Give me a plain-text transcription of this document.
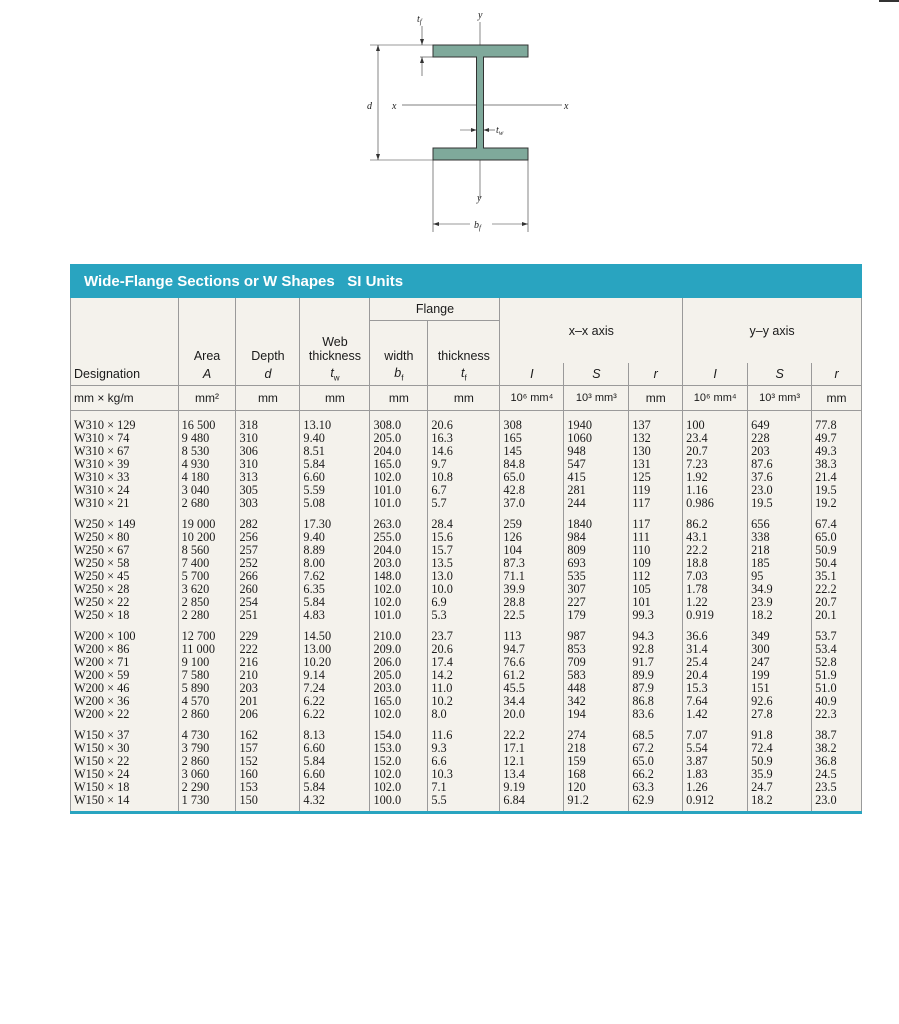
$t_f$
y
d x	x
$t_w$
y
$b_f$
Wide-Flange Sections or W Shapes   SI Units
				Flange		x–x axis			y–y axis		
	Area	Depth	Web
thickness	width	thickness						
Designation	A	d	$t_w$	$b_f$	$t_f$	I	S	r	I	S	r
mm × kg/m	mm²	mm	mm	mm	mm	10⁶ mm⁴	10³ mm³	mm	10⁶ mm⁴	10³ mm³	mm
W310 × 129	16 500	318	13.10	308.0	20.6	308	1940	137	100	649	77.8
W310 × 74	9 480	310	9.40	205.0	16.3	165	1060	132	23.4	228	49.7
W310 × 67	8 530	306	8.51	204.0	14.6	145	948	130	20.7	203	49.3
W310 × 39	4 930	310	5.84	165.0	9.7	84.8	547	131	7.23	87.6	38.3
W310 × 33	4 180	313	6.60	102.0	10.8	65.0	415	125	1.92	37.6	21.4
W310 × 24	3 040	305	5.59	101.0	6.7	42.8	281	119	1.16	23.0	19.5
W310 × 21	2 680	303	5.08	101.0	5.7	37.0	244	117	0.986	19.5	19.2
W250 × 149	19 000	282	17.30	263.0	28.4	259	1840	117	86.2	656	67.4
W250 × 80	10 200	256	9.40	255.0	15.6	126	984	111	43.1	338	65.0
W250 × 67	8 560	257	8.89	204.0	15.7	104	809	110	22.2	218	50.9
W250 × 58	7 400	252	8.00	203.0	13.5	87.3	693	109	18.8	185	50.4
W250 × 45	5 700	266	7.62	148.0	13.0	71.1	535	112	7.03	95	35.1
W250 × 28	3 620	260	6.35	102.0	10.0	39.9	307	105	1.78	34.9	22.2
W250 × 22	2 850	254	5.84	102.0	6.9	28.8	227	101	1.22	23.9	20.7
W250 × 18	2 280	251	4.83	101.0	5.3	22.5	179	99.3	0.919	18.2	20.1
W200 × 100	12 700	229	14.50	210.0	23.7	113	987	94.3	36.6	349	53.7
W200 × 86	11 000	222	13.00	209.0	20.6	94.7	853	92.8	31.4	300	53.4
W200 × 71	9 100	216	10.20	206.0	17.4	76.6	709	91.7	25.4	247	52.8
W200 × 59	7 580	210	9.14	205.0	14.2	61.2	583	89.9	20.4	199	51.9
W200 × 46	5 890	203	7.24	203.0	11.0	45.5	448	87.9	15.3	151	51.0
W200 × 36	4 570	201	6.22	165.0	10.2	34.4	342	86.8	7.64	92.6	40.9
W200 × 22	2 860	206	6.22	102.0	8.0	20.0	194	83.6	1.42	27.8	22.3
W150 × 37	4 730	162	8.13	154.0	11.6	22.2	274	68.5	7.07	91.8	38.7
W150 × 30	3 790	157	6.60	153.0	9.3	17.1	218	67.2	5.54	72.4	38.2
W150 × 22	2 860	152	5.84	152.0	6.6	12.1	159	65.0	3.87	50.9	36.8
W150 × 24	3 060	160	6.60	102.0	10.3	13.4	168	66.2	1.83	35.9	24.5
W150 × 18	2 290	153	5.84	102.0	7.1	9.19	120	63.3	1.26	24.7	23.5
W150 × 14	1 730	150	4.32	100.0	5.5	6.84	91.2	62.9	0.912	18.2	23.0
